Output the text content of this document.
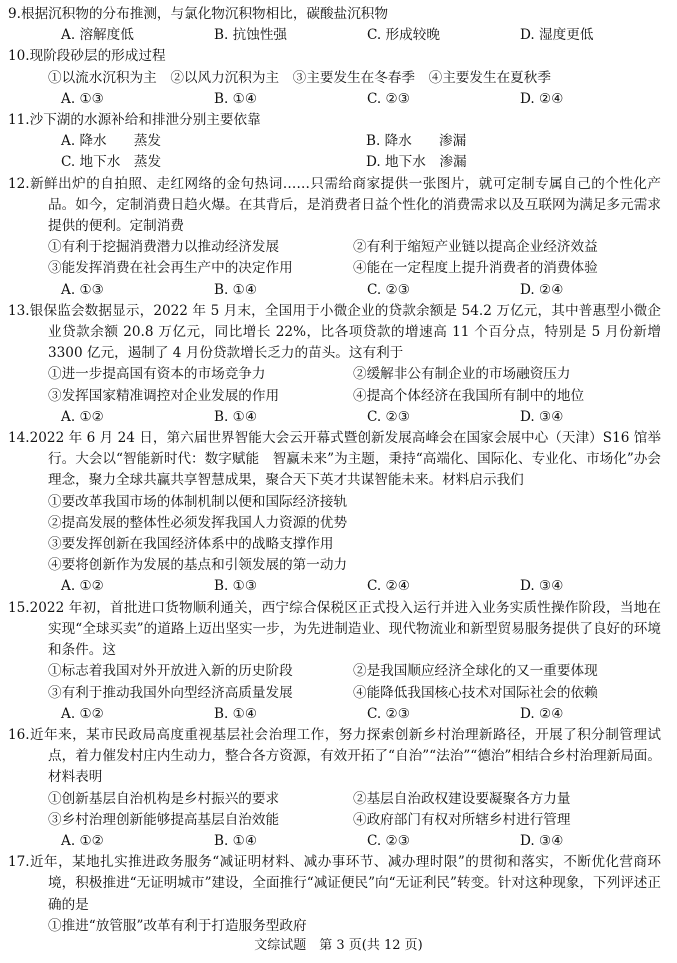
9.根据沉积物的分布推测，与氯化物沉积物相比，碳酸盐沉积物
A. 溶解度低	B. 抗蚀性强	C. 形成较晚	D. 湿度更低
10.现阶段砂层的形成过程
①以流水沉积为主　②以风力沉积为主　③主要发生在冬春季　④主要发生在夏秋季
A. ①③	B. ①④	C. ②③	D. ②④
11.沙下湖的水源补给和排泄分别主要依靠
A. 降水　　蒸发	B. 降水　　渗漏
C. 地下水　蒸发	D. 地下水　渗漏
12.新鲜出炉的自拍照、走红网络的金句热词……只需给商家提供一张图片，就可定制专属自己的个性化产品。如今，定制消费日趋火爆。在其背后，是消费者日益个性化的消费需求以及互联网为满足多元需求提供的便利。定制消费
①有利于挖掘消费潜力以推动经济发展	②有利于缩短产业链以提高企业经济效益
③能发挥消费在社会再生产中的决定作用	④能在一定程度上提升消费者的消费体验
A. ①③	B. ①④	C. ②③	D. ②④
13.银保监会数据显示，2022 年 5 月末，全国用于小微企业的贷款余额是 54.2 万亿元，其中普惠型小微企业贷款余额 20.8 万亿元，同比增长 22%，比各项贷款的增速高 11 个百分点，特别是 5 月份新增 3300 亿元，遏制了 4 月份贷款增长乏力的苗头。这有利于
①进一步提高国有资本的市场竞争力	②缓解非公有制企业的市场融资压力
③发挥国家精准调控对企业发展的作用	④提高个体经济在我国所有制中的地位
A. ①②	B. ①④	C. ②③	D. ③④
14.2022 年 6 月 24 日，第六届世界智能大会云开幕式暨创新发展高峰会在国家会展中心（天津）S16 馆举行。大会以“智能新时代：数字赋能　智赢未来”为主题，秉持“高端化、国际化、专业化、市场化”办会理念，聚力全球共赢共享智慧成果，聚合天下英才共谋智能未来。材料启示我们
①要改革我国市场的体制机制以便和国际经济接轨
②提高发展的整体性必须发挥我国人力资源的优势
③要发挥创新在我国经济体系中的战略支撑作用
④要将创新作为发展的基点和引领发展的第一动力
A. ①②	B. ①③	C. ②④	D. ③④
15.2022 年初，首批进口货物顺利通关，西宁综合保税区正式投入运行并进入业务实质性操作阶段，当地在实现“全球买卖”的道路上迈出坚实一步，为先进制造业、现代物流业和新型贸易服务提供了良好的环境和条件。这
①标志着我国对外开放进入新的历史阶段	②是我国顺应经济全球化的又一重要体现
③有利于推动我国外向型经济高质量发展	④能降低我国核心技术对国际社会的依赖
A. ①②	B. ①④	C. ②③	D. ②④
16.近年来，某市民政局高度重视基层社会治理工作，努力探索创新乡村治理新路径，开展了积分制管理试点，着力催发村庄内生动力，整合各方资源，有效开拓了“自治”“法治”“德治”相结合乡村治理新局面。材料表明
①创新基层自治机构是乡村振兴的要求	②基层自治政权建设要凝聚各方力量
③乡村治理创新能够提高基层自治效能	④政府部门有权对所辖乡村进行管理
A. ①②	B. ①④	C. ②③	D. ③④
17.近年，某地扎实推进政务服务“减证明材料、减办事环节、减办理时限”的贯彻和落实，不断优化营商环境，积极推进“无证明城市”建设，全面推行“减证便民”向“无证利民”转变。针对这种现象，下列评述正确的是
①推进“放管服”改革有利于打造服务型政府
文综试题　第 3 页(共 12 页)
